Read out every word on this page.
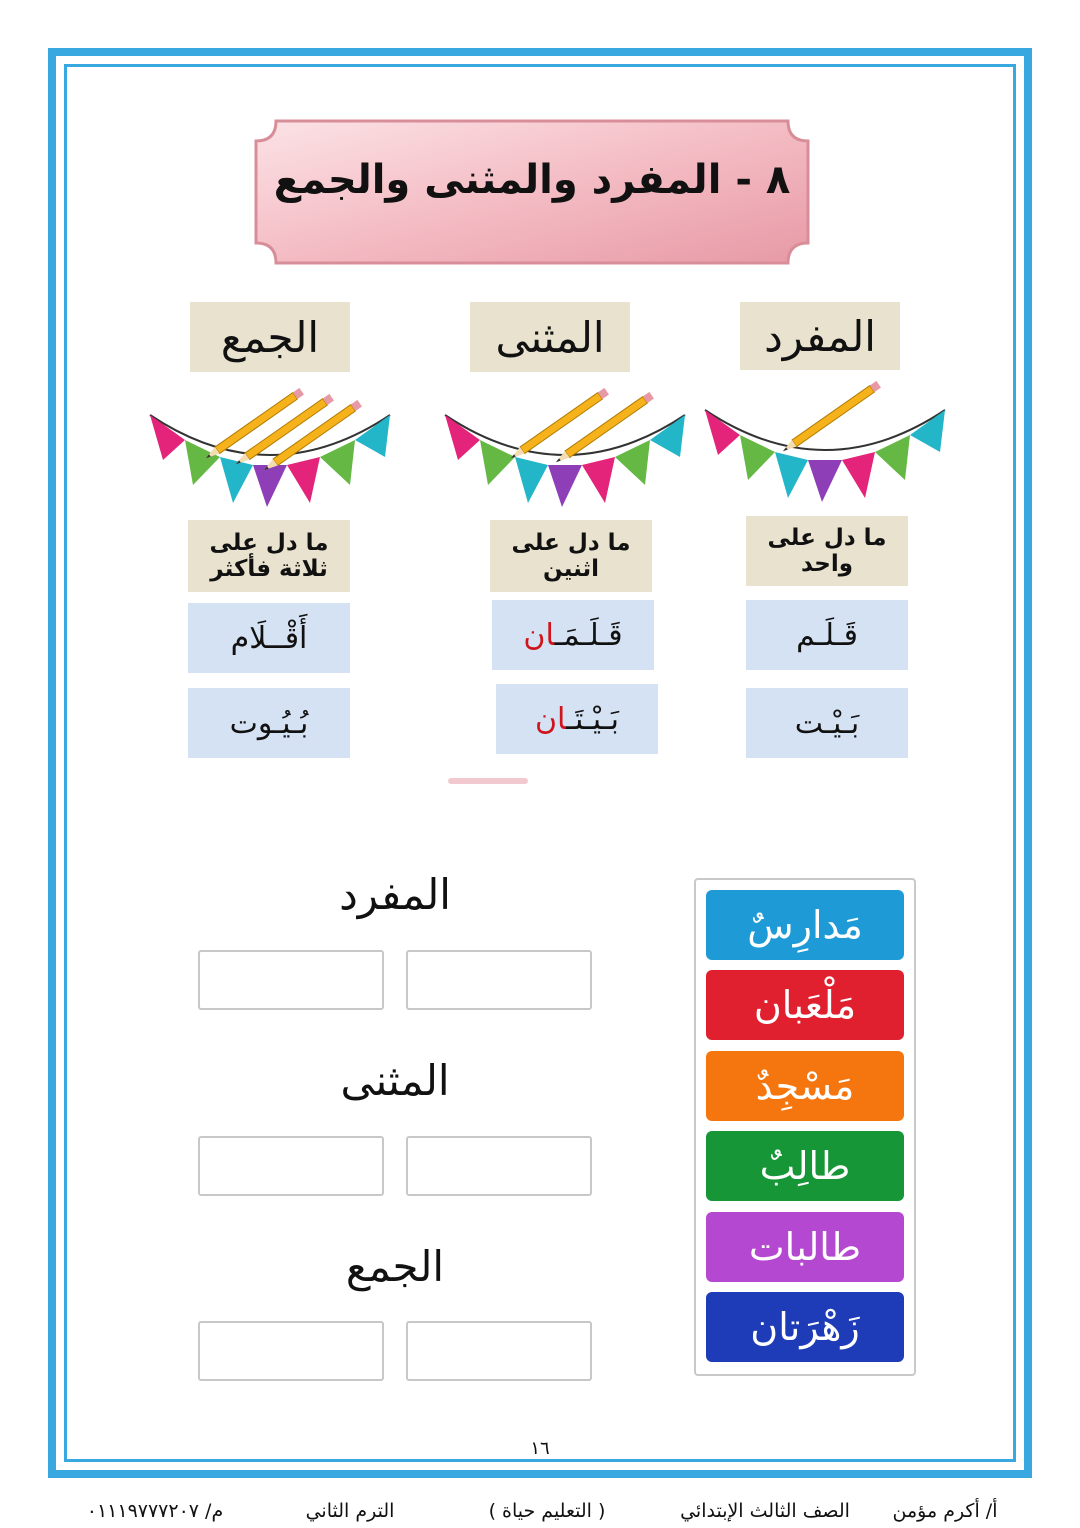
٨ - المفرد والمثنى والجمع
المفرد
المثنى
الجمع
ما دل على
واحد
ما دل على
اثنين
ما دل على
ثلاثة فأكثر
قَـلَـم
بَـيْـت
قَـلَـمَـان
بَـيْـتَـان
أَقْــلَام
بُـيُـوت
المفرد
المثنى
الجمع
مَدارِسٌ
مَلْعَبان
مَسْجِدٌ
طالِبٌ
طالبات
زَهْرَتان
١٦
أ/ أكرم مؤمن
الصف الثالث الإبتدائي
( التعليم حياة )
الترم الثاني
م/ ٠١١١٩٧٧٧٢٠٧
